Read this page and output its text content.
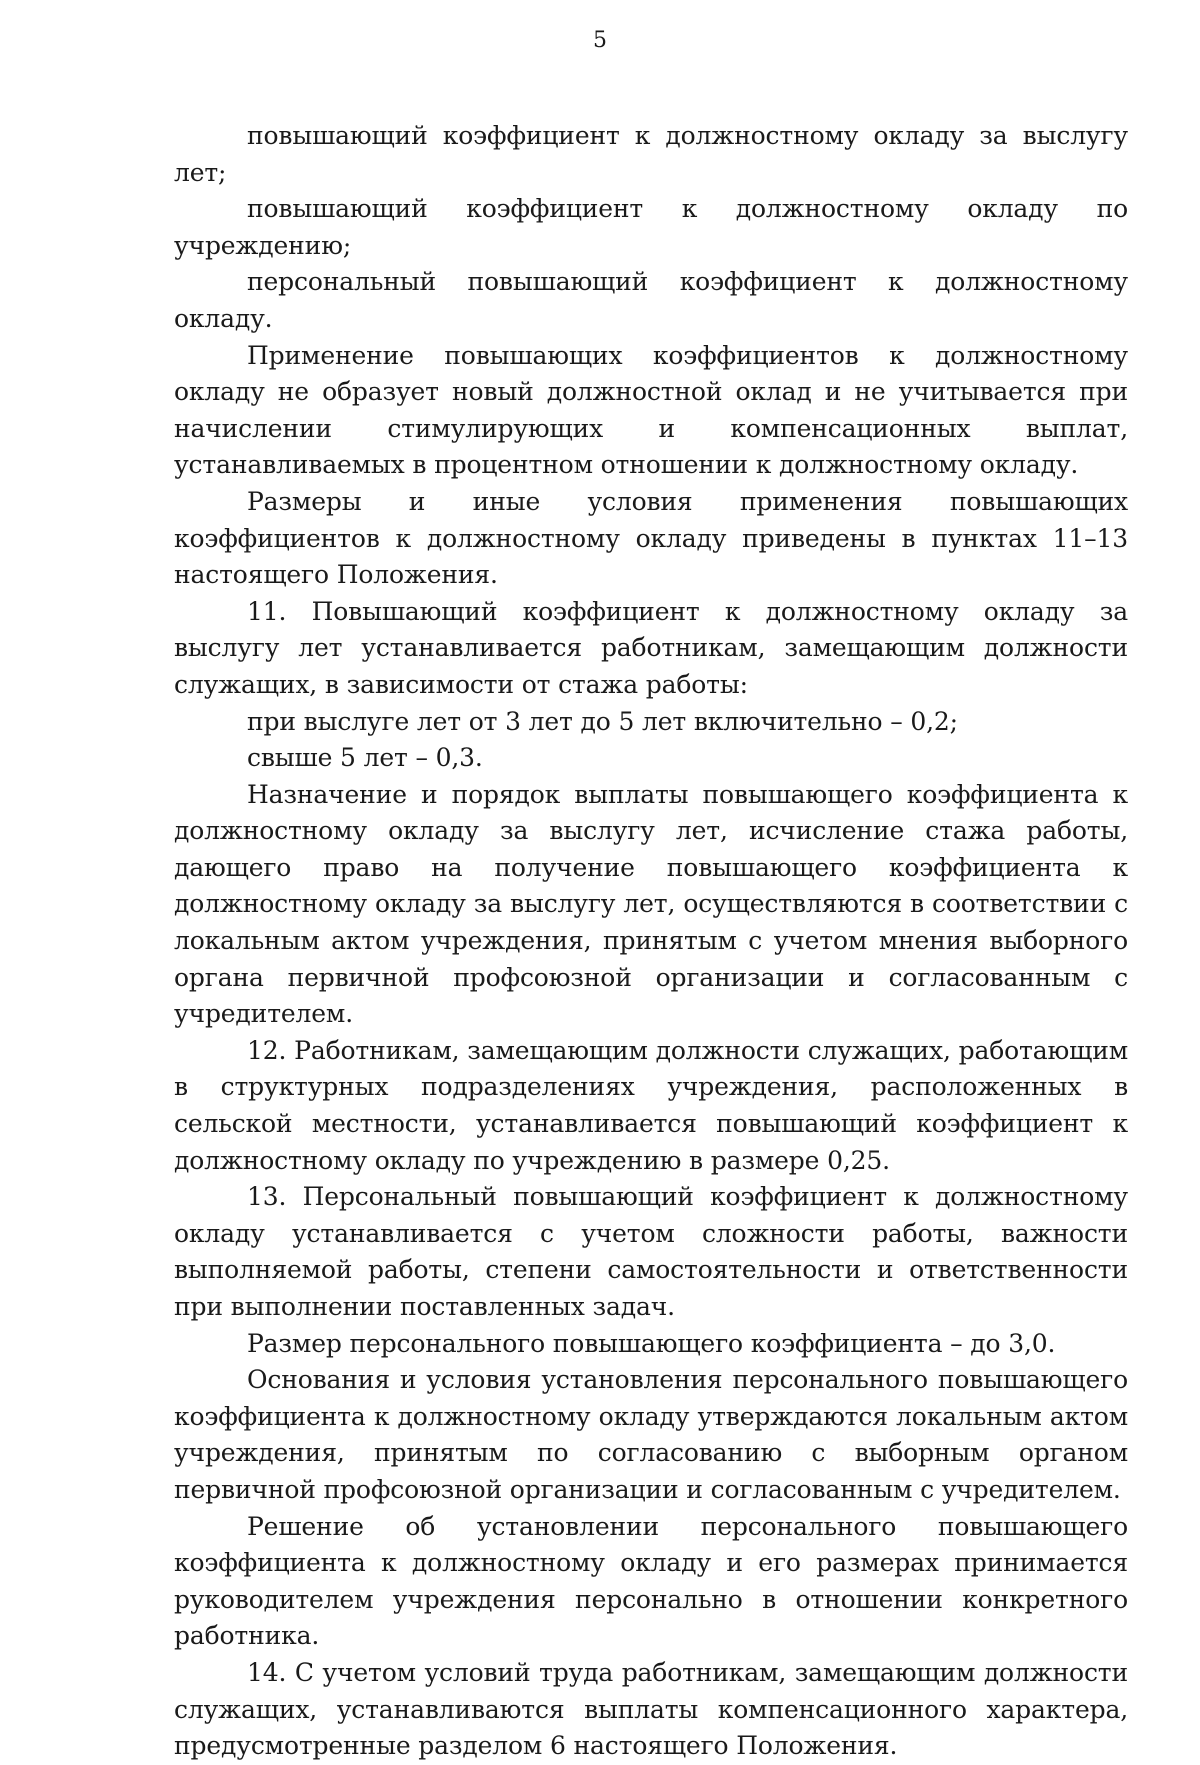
5

повышающий коэффициент к должностному окладу за выслугу лет;

повышающий коэффициент к должностному окладу по учреждению;

персональный повышающий коэффициент к должностному окладу.

Применение повышающих коэффициентов к должностному окладу не образует новый должностной оклад и не учитывается при начислении стимулирующих и компенсационных выплат, устанавливаемых в процентном отношении к должностному окладу.

Размеры и иные условия применения повышающих коэффициентов к должностному окладу приведены в пунктах 11–13 настоящего Положения.

11. Повышающий коэффициент к должностному окладу за выслугу лет устанавливается работникам, замещающим должности служащих, в зависимости от стажа работы:

при выслуге лет от 3 лет до 5 лет включительно – 0,2;

свыше 5 лет – 0,3.

Назначение и порядок выплаты повышающего коэффициента к должностному окладу за выслугу лет, исчисление стажа работы, дающего право на получение повышающего коэффициента к должностному окладу за выслугу лет, осуществляются в соответствии с локальным актом учреждения, принятым с учетом мнения выборного органа первичной профсоюзной организации и согласованным с учредителем.

12. Работникам, замещающим должности служащих, работающим в структурных подразделениях учреждения, расположенных в сельской местности, устанавливается повышающий коэффициент к должностному окладу по учреждению в размере 0,25.

13. Персональный повышающий коэффициент к должностному окладу устанавливается с учетом сложности работы, важности выполняемой работы, степени самостоятельности и ответственности при выполнении поставленных задач.

Размер персонального повышающего коэффициента – до 3,0.

Основания и условия установления персонального повышающего коэффициента к должностному окладу утверждаются локальным актом учреждения, принятым по согласованию с выборным органом первичной профсоюзной организации и согласованным с учредителем.

Решение об установлении персонального повышающего коэффициента к должностному окладу и его размерах принимается руководителем учреждения персонально в отношении конкретного работника.

14. С учетом условий труда работникам, замещающим должности служащих, устанавливаются выплаты компенсационного характера, предусмотренные разделом 6 настоящего Положения.
